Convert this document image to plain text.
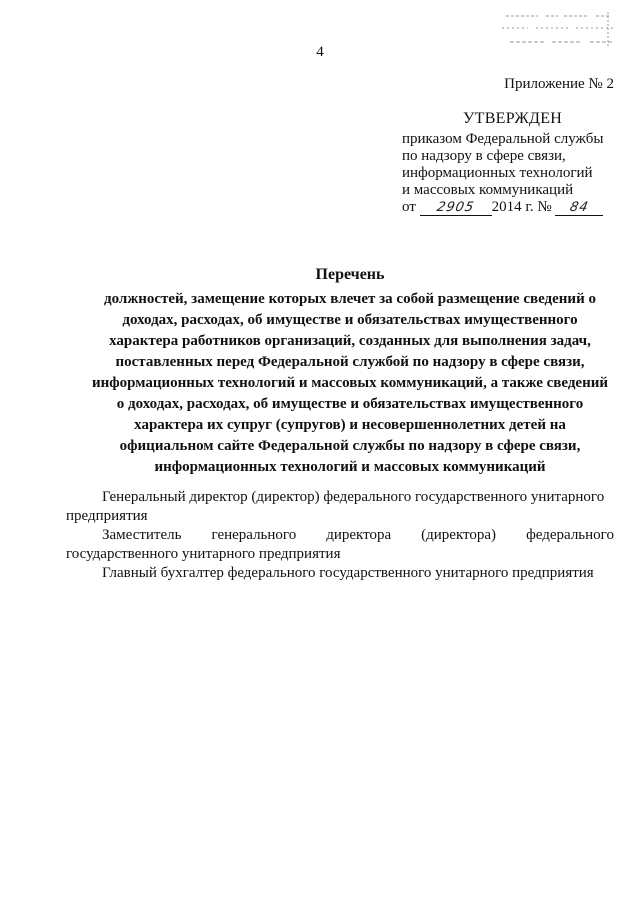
4
Приложение № 2
УТВЕРЖДЕН
приказом Федеральной службы
по надзору в сфере связи,
информационных технологий
и массовых коммуникаций
от 2905 2014 г. № 84
Перечень
должностей, замещение которых влечет за собой размещение сведений о
доходах, расходах, об имуществе и обязательствах имущественного
характера работников организаций, созданных для выполнения задач,
поставленных перед Федеральной службой по надзору в сфере связи,
информационных технологий и массовых коммуникаций, а также сведений
о доходах, расходах, об имуществе и обязательствах имущественного
характера их супруг (супругов) и несовершеннолетних детей на
официальном сайте Федеральной службы по надзору в сфере связи,
информационных технологий и массовых коммуникаций

Генеральный директор (директор) федерального государственного унитарного
предприятия

Заместитель генерального директора (директора) федерального
государственного унитарного предприятия

Главный бухгалтер федерального государственного унитарного предприятия
